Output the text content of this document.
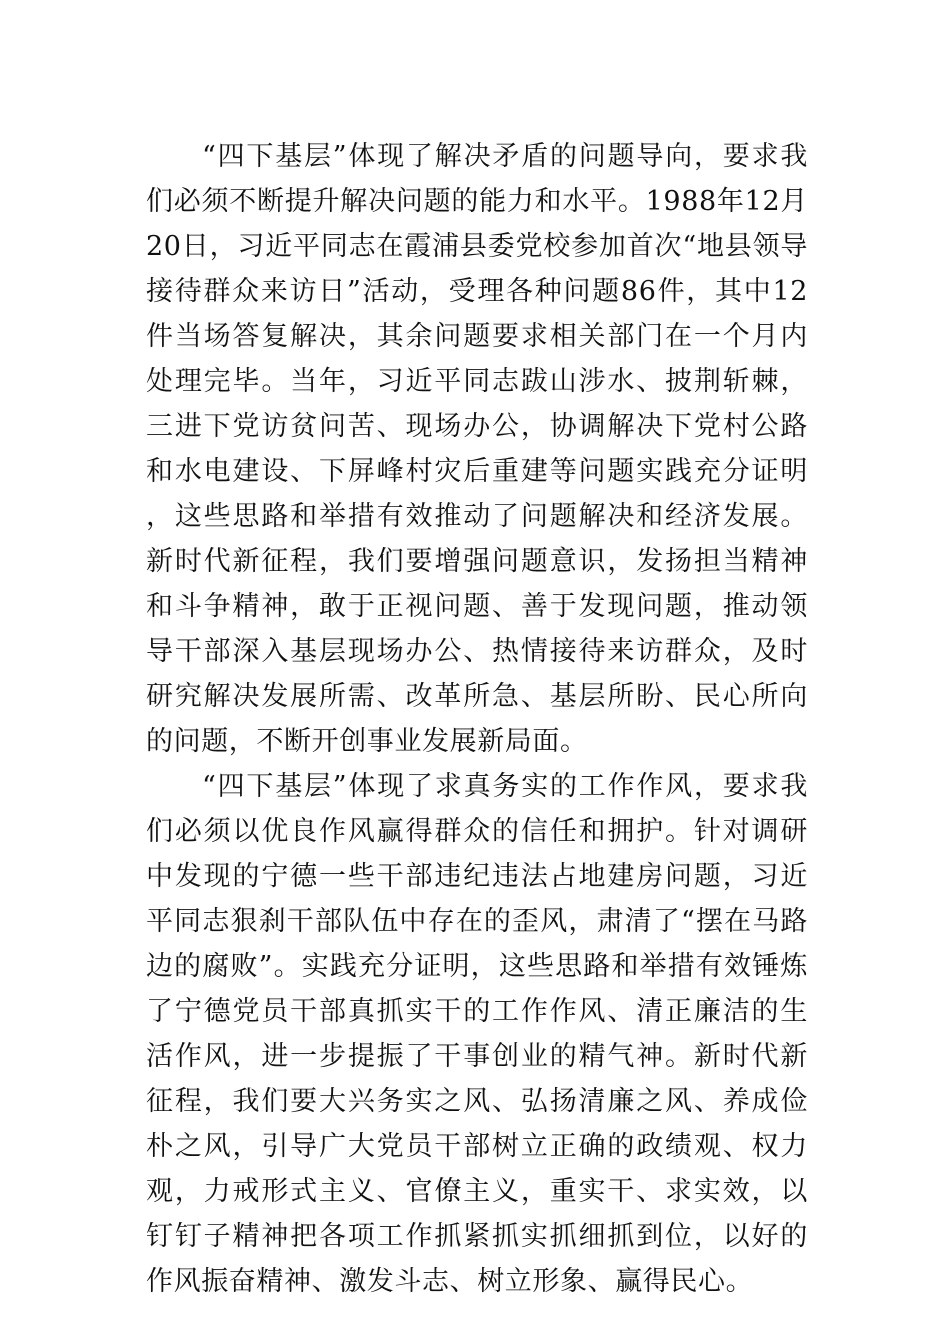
“四下基层”体现了解决矛盾的问题导向，要求我们必须不断提升解决问题的能力和水平。1988年12月20日，习近平同志在霞浦县委党校参加首次“地县领导接待群众来访日”活动，受理各种问题86件，其中12件当场答复解决，其余问题要求相关部门在一个月内处理完毕。当年，习近平同志跋山涉水、披荆斩棘，三进下党访贫问苦、现场办公，协调解决下党村公路和水电建设、下屏峰村灾后重建等问题实践充分证明，这些思路和举措有效推动了问题解决和经济发展。新时代新征程，我们要增强问题意识，发扬担当精神和斗争精神，敢于正视问题、善于发现问题，推动领导干部深入基层现场办公、热情接待来访群众，及时研究解决发展所需、改革所急、基层所盼、民心所向的问题，不断开创事业发展新局面。

“四下基层”体现了求真务实的工作作风，要求我们必须以优良作风赢得群众的信任和拥护。针对调研中发现的宁德一些干部违纪违法占地建房问题，习近平同志狠刹干部队伍中存在的歪风，肃清了“摆在马路边的腐败”。实践充分证明，这些思路和举措有效锤炼了宁德党员干部真抓实干的工作作风、清正廉洁的生活作风，进一步提振了干事创业的精气神。新时代新征程，我们要大兴务实之风、弘扬清廉之风、养成俭朴之风，引导广大党员干部树立正确的政绩观、权力观，力戒形式主义、官僚主义，重实干、求实效，以钉钉子精神把各项工作抓紧抓实抓细抓到位，以好的作风振奋精神、激发斗志、树立形象、赢得民心。
